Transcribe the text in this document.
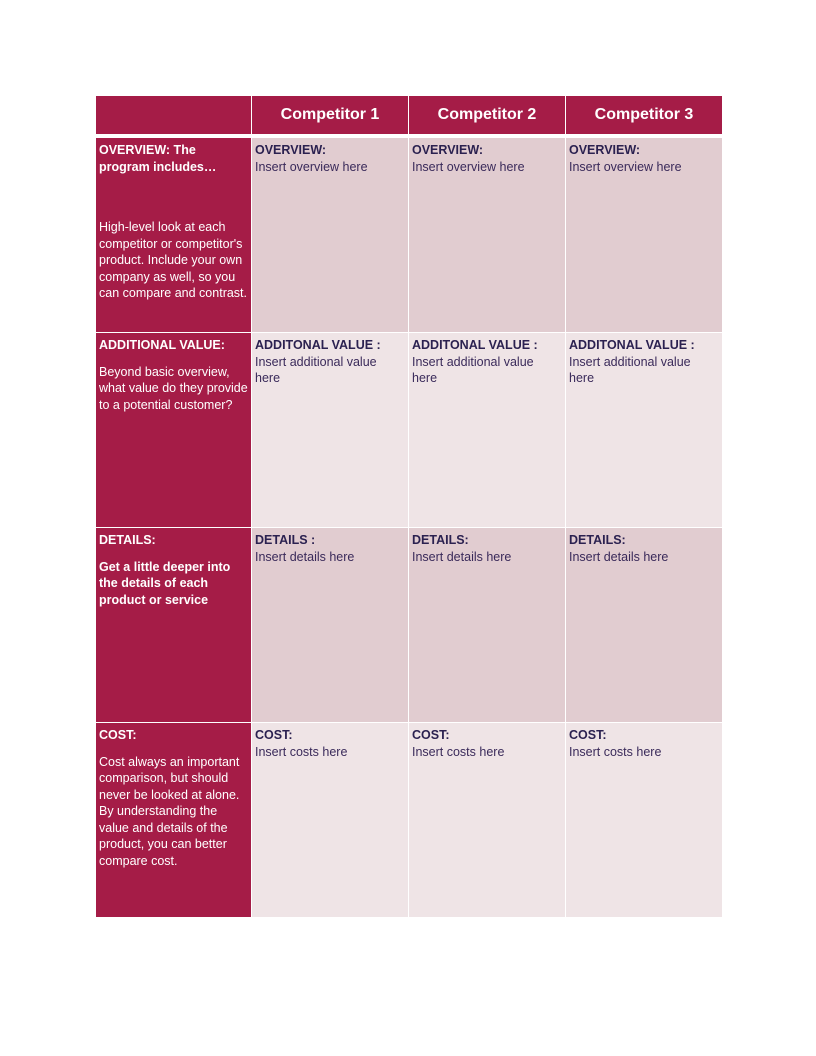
Competitor 1	Competitor 2	Competitor 3
OVERVIEW: The program includes…
High-level look at each competitor or competitor's product. Include your own company as well, so you can compare and contrast.
OVERVIEW:
Insert overview here
OVERVIEW:
Insert overview here
OVERVIEW:
Insert overview here
ADDITIONAL VALUE:
Beyond basic overview, what value do they provide to a potential customer?
ADDITONAL VALUE :
Insert additional value here
ADDITONAL VALUE :
Insert additional value here
ADDITONAL VALUE :
Insert additional value here
DETAILS:
Get a little deeper into the details of each product or service
DETAILS :
Insert details here
DETAILS:
Insert details here
DETAILS:
Insert details here
COST:
Cost always an important comparison, but should never be looked at alone. By understanding the value and details of the product, you can better compare cost.
COST:
Insert costs here
COST:
Insert costs here
COST:
Insert costs here
